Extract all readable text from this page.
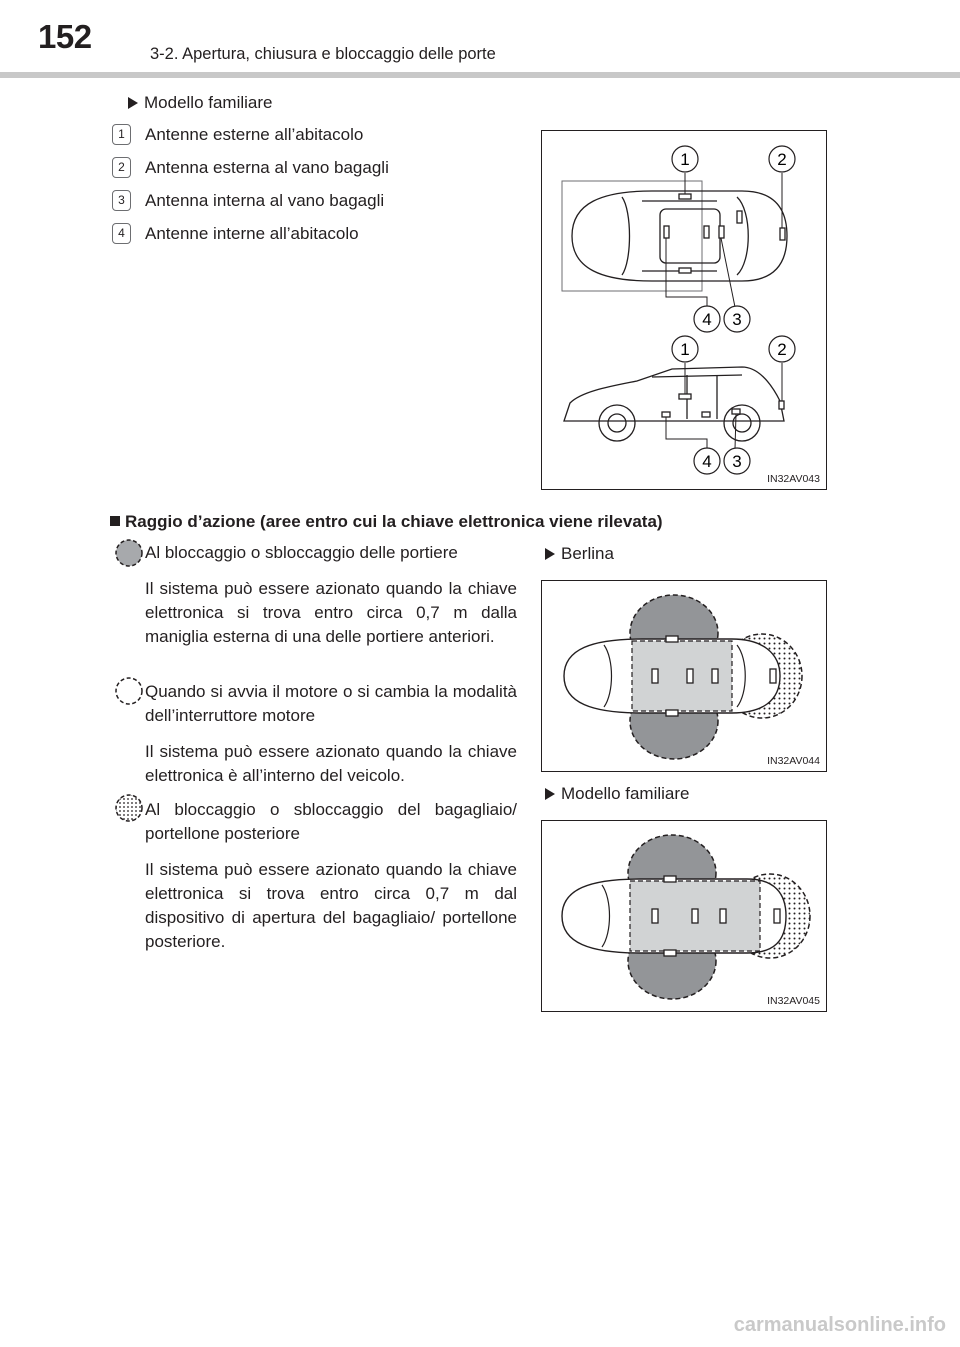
152	3-2. Apertura, chiusura e bloccaggio delle porte
Modello familiare
1	Antenne esterne all’abitacolo
2	Antenna esterna al vano bagagli
3	Antenna interna al vano bagagli
4	Antenne interne all’abitacolo
1	2
4 3
1	2
4 3
IN32AV043
Raggio d’azione (aree entro cui la chiave elettronica viene rilevata)
Al bloccaggio o sbloccaggio delle portiere
Il sistema può essere azionato quando la chiave elettronica si trova entro circa 0,7 m dalla maniglia esterna di una delle portiere anteriori.
Quando si avvia il motore o si cambia la modalità dell’interruttore motore
Il sistema può essere azionato quando la chiave elettronica è all’interno del veicolo.
Al bloccaggio o sbloccaggio del bagagliaio/ portellone posteriore
Il sistema può essere azionato quando la chiave elettronica si trova entro circa 0,7 m dal dispositivo di apertura del bagagliaio/ portellone posteriore.
Berlina
IN32AV044
Modello familiare
IN32AV045
carmanualsonline.info
